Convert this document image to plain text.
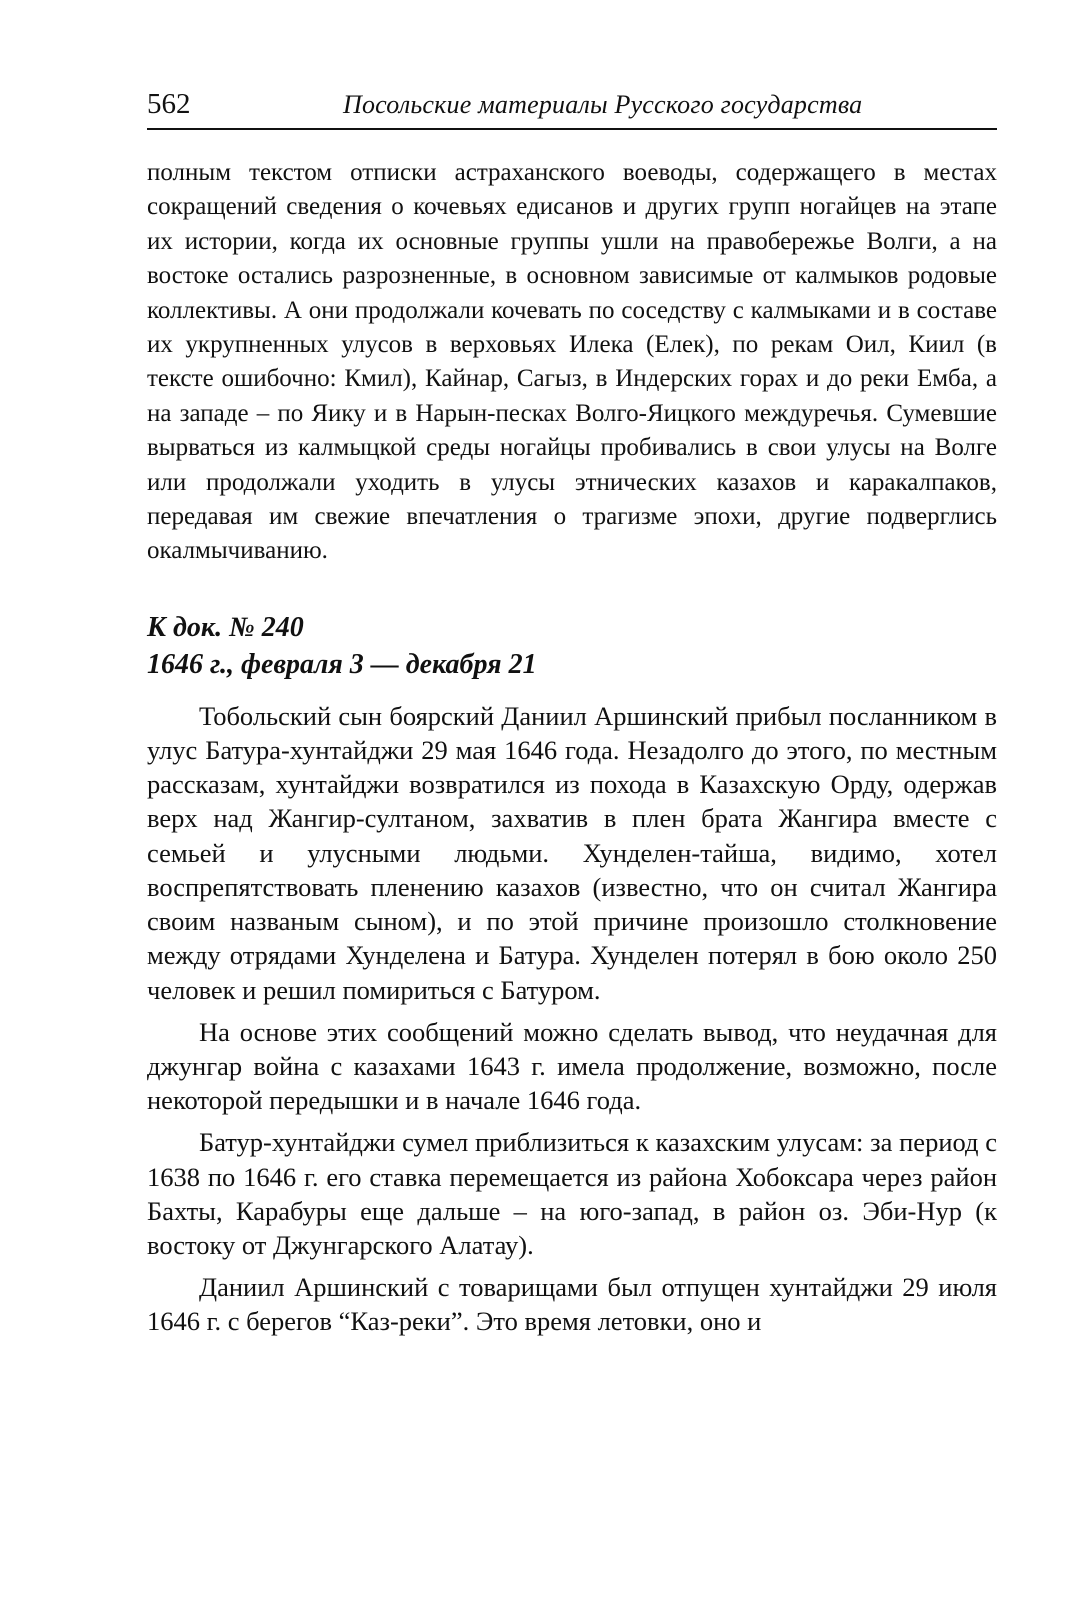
562	Посольские материалы Русского государства

полным текстом отписки астраханского воеводы, содержащего в местах сокращений сведения о кочевьях едисанов и других групп ногайцев на этапе их истории, когда их основные группы ушли на правобережье Волги, а на востоке остались разрозненные, в основном зависимые от калмыков родовые коллективы. А они продолжали кочевать по соседству с калмыками и в составе их укрупненных улусов в верховьях Илека (Елек), по рекам Оил, Киил (в тексте ошибочно: Кмил), Кайнар, Сагыз, в Индерских горах и до реки Емба, а на западе – по Яику и в Нарын-песках Волго-Яицкого междуречья. Сумевшие вырваться из калмыцкой среды ногайцы пробивались в свои улусы на Волге или продолжали уходить в улусы этнических казахов и каракалпаков, передавая им свежие впечатления о трагизме эпохи, другие подверглись окалмычиванию.

К док. № 240
1646 г., февраля 3 — декабря 21

Тобольский сын боярский Даниил Аршинский прибыл посланником в улус Батура-хунтайджи 29 мая 1646 года. Незадолго до этого, по местным рассказам, хунтайджи возвратился из похода в Казахскую Орду, одержав верх над Жангир-султаном, захватив в плен брата Жангира вместе с семьей и улусными людьми. Хунделен-тайша, видимо, хотел воспрепятствовать пленению казахов (известно, что он считал Жангира своим названым сыном), и по этой причине произошло столкновение между отрядами Хунделена и Батура. Хунделен потерял в бою около 250 человек и решил помириться с Батуром.

На основе этих сообщений можно сделать вывод, что неудачная для джунгар война с казахами 1643 г. имела продолжение, возможно, после некоторой передышки и в начале 1646 года.

Батур-хунтайджи сумел приблизиться к казахским улусам: за период с 1638 по 1646 г. его ставка перемещается из района Хобоксара через район Бахты, Карабуры еще дальше – на юго-запад, в район оз. Эби-Нур (к востоку от Джунгарского Алатау).

Даниил Аршинский с товарищами был отпущен хунтайджи 29 июля 1646 г. с берегов “Каз-реки”. Это время летовки, оно и
